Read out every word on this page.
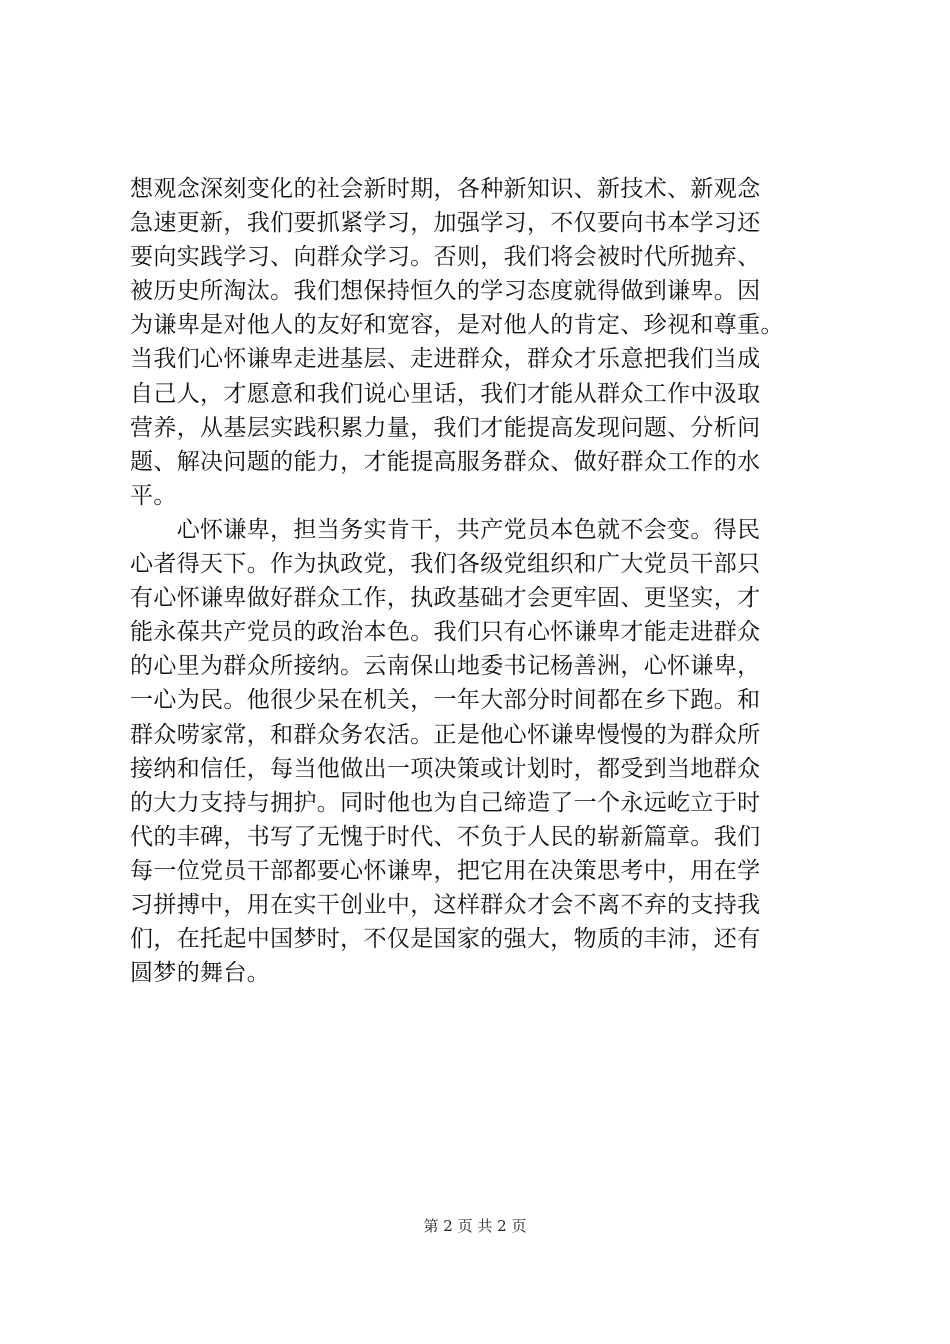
想观念深刻变化的社会新时期，各种新知识、新技术、新观念
急速更新，我们要抓紧学习，加强学习，不仅要向书本学习还
要向实践学习、向群众学习。否则，我们将会被时代所抛弃、
被历史所淘汰。我们想保持恒久的学习态度就得做到谦卑。因
为谦卑是对他人的友好和宽容，是对他人的肯定、珍视和尊重。
当我们心怀谦卑走进基层、走进群众，群众才乐意把我们当成
自己人，才愿意和我们说心里话，我们才能从群众工作中汲取
营养，从基层实践积累力量，我们才能提高发现问题、分析问
题、解决问题的能力，才能提高服务群众、做好群众工作的水
平。
　　心怀谦卑，担当务实肯干，共产党员本色就不会变。得民
心者得天下。作为执政党，我们各级党组织和广大党员干部只
有心怀谦卑做好群众工作，执政基础才会更牢固、更坚实，才
能永葆共产党员的政治本色。我们只有心怀谦卑才能走进群众
的心里为群众所接纳。云南保山地委书记杨善洲，心怀谦卑，
一心为民。他很少呆在机关，一年大部分时间都在乡下跑。和
群众唠家常，和群众务农活。正是他心怀谦卑慢慢的为群众所
接纳和信任，每当他做出一项决策或计划时，都受到当地群众
的大力支持与拥护。同时他也为自己缔造了一个永远屹立于时
代的丰碑，书写了无愧于时代、不负于人民的崭新篇章。我们
每一位党员干部都要心怀谦卑，把它用在决策思考中，用在学
习拼搏中，用在实干创业中，这样群众才会不离不弃的支持我
们，在托起中国梦时，不仅是国家的强大，物质的丰沛，还有
圆梦的舞台。
第 2 页 共 2 页
